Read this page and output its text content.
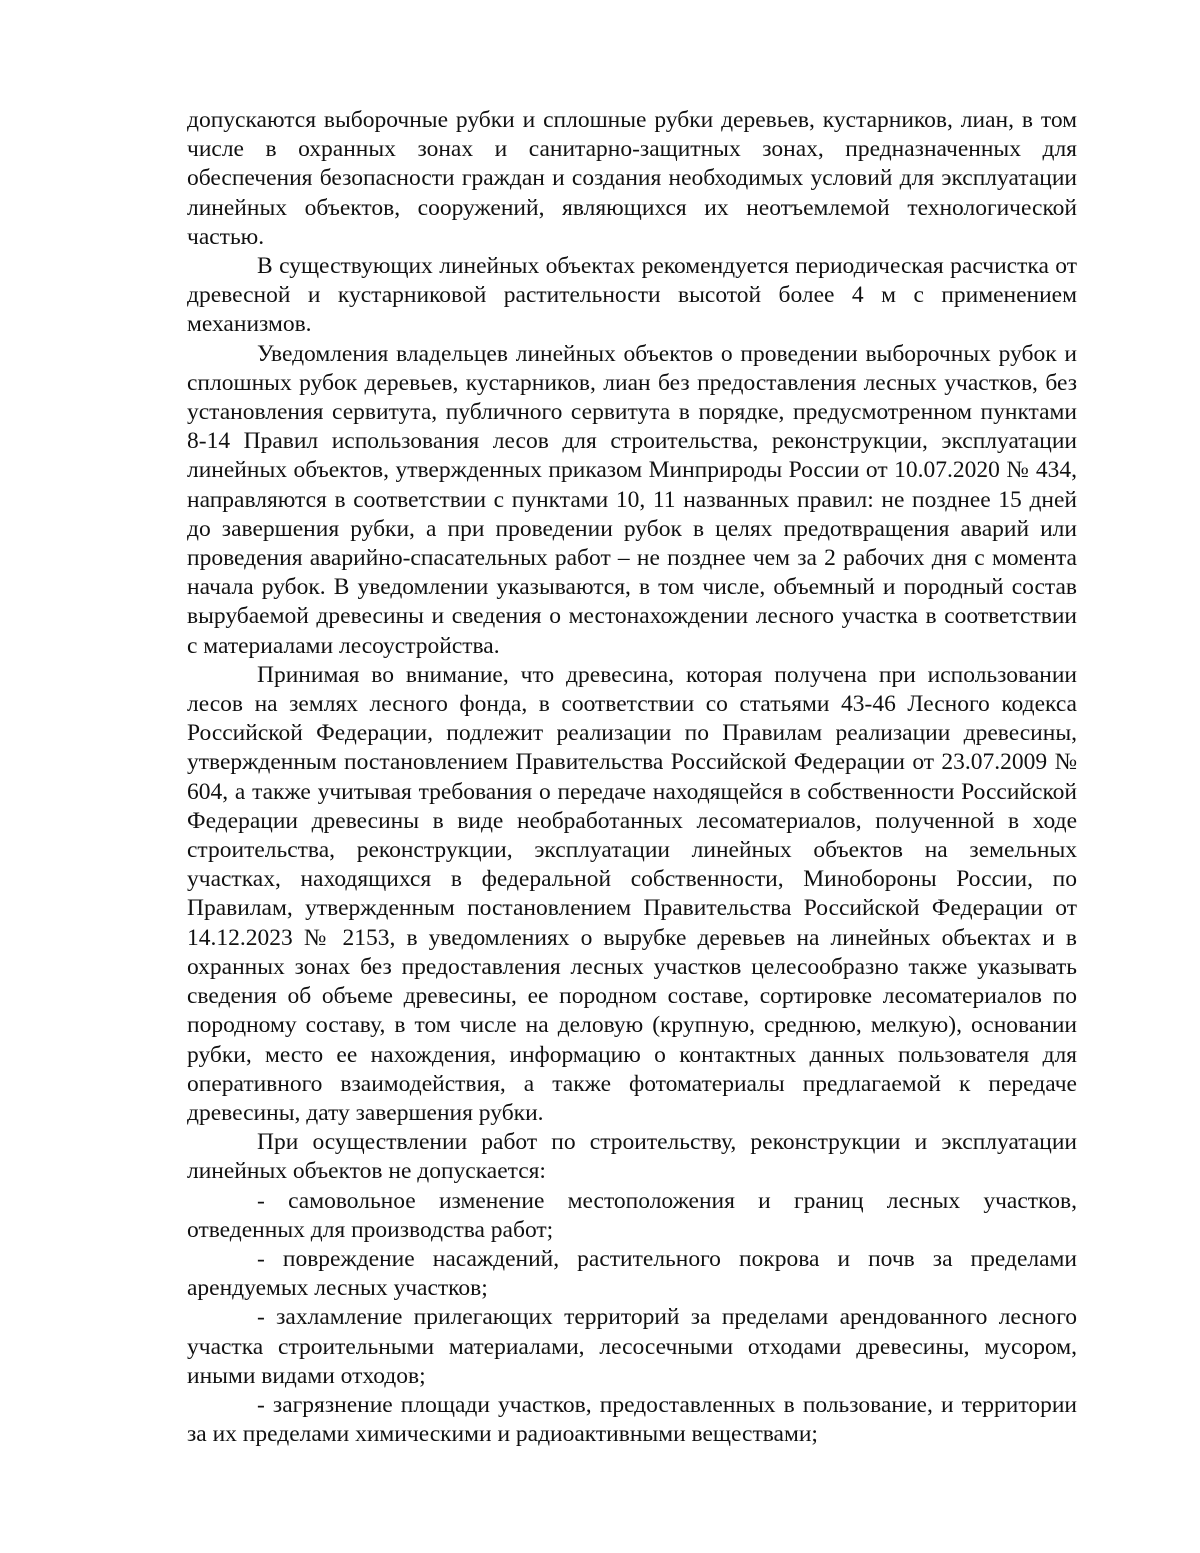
допускаются выборочные рубки и сплошные рубки деревьев, кустарников, лиан, в том числе в охранных зонах и санитарно-защитных зонах, предназначенных для обеспечения безопасности граждан и создания необходимых условий для эксплуатации линейных объектов, сооружений, являющихся их неотъемлемой технологической частью.

В существующих линейных объектах рекомендуется периодическая расчистка от древесной и кустарниковой растительности высотой более 4 м с применением механизмов.

Уведомления владельцев линейных объектов о проведении выборочных рубок и сплошных рубок деревьев, кустарников, лиан без предоставления лесных участков, без установления сервитута, публичного сервитута в порядке, предусмотренном пунктами 8-14 Правил использования лесов для строительства, реконструкции, эксплуатации линейных объектов, утвержденных приказом Минприроды России от 10.07.2020 № 434, направляются в соответствии с пунктами 10, 11 названных правил: не позднее 15 дней до завершения рубки, а при проведении рубок в целях предотвращения аварий или проведения аварийно-спасательных работ – не позднее чем за 2 рабочих дня с момента начала рубок. В уведомлении указываются, в том числе, объемный и породный состав вырубаемой древесины и сведения о местонахождении лесного участка в соответствии с материалами лесоустройства.

Принимая во внимание, что древесина, которая получена при использовании лесов на землях лесного фонда, в соответствии со статьями 43-46 Лесного кодекса Российской Федерации, подлежит реализации по Правилам реализации древесины, утвержденным постановлением Правительства Российской Федерации от 23.07.2009 № 604, а также учитывая требования о передаче находящейся в собственности Российской Федерации древесины в виде необработанных лесоматериалов, полученной в ходе строительства, реконструкции, эксплуатации линейных объектов на земельных участках, находящихся в федеральной собственности, Минобороны России, по Правилам, утвержденным постановлением Правительства Российской Федерации от 14.12.2023 № 2153, в уведомлениях о вырубке деревьев на линейных объектах и в охранных зонах без предоставления лесных участков целесообразно также указывать сведения об объеме древесины, ее породном составе, сортировке лесоматериалов по породному составу, в том числе на деловую (крупную, среднюю, мелкую), основании рубки, место ее нахождения, информацию о контактных данных пользователя для оперативного взаимодействия, а также фотоматериалы предлагаемой к передаче древесины, дату завершения рубки.

При осуществлении работ по строительству, реконструкции и эксплуатации линейных объектов не допускается:

- самовольное изменение местоположения и границ лесных участков, отведенных для производства работ;

- повреждение насаждений, растительного покрова и почв за пределами арендуемых лесных участков;

- захламление прилегающих территорий за пределами арендованного лесного участка строительными материалами, лесосечными отходами древесины, мусором, иными видами отходов;

- загрязнение площади участков, предоставленных в пользование, и территории за их пределами химическими и радиоактивными веществами;
